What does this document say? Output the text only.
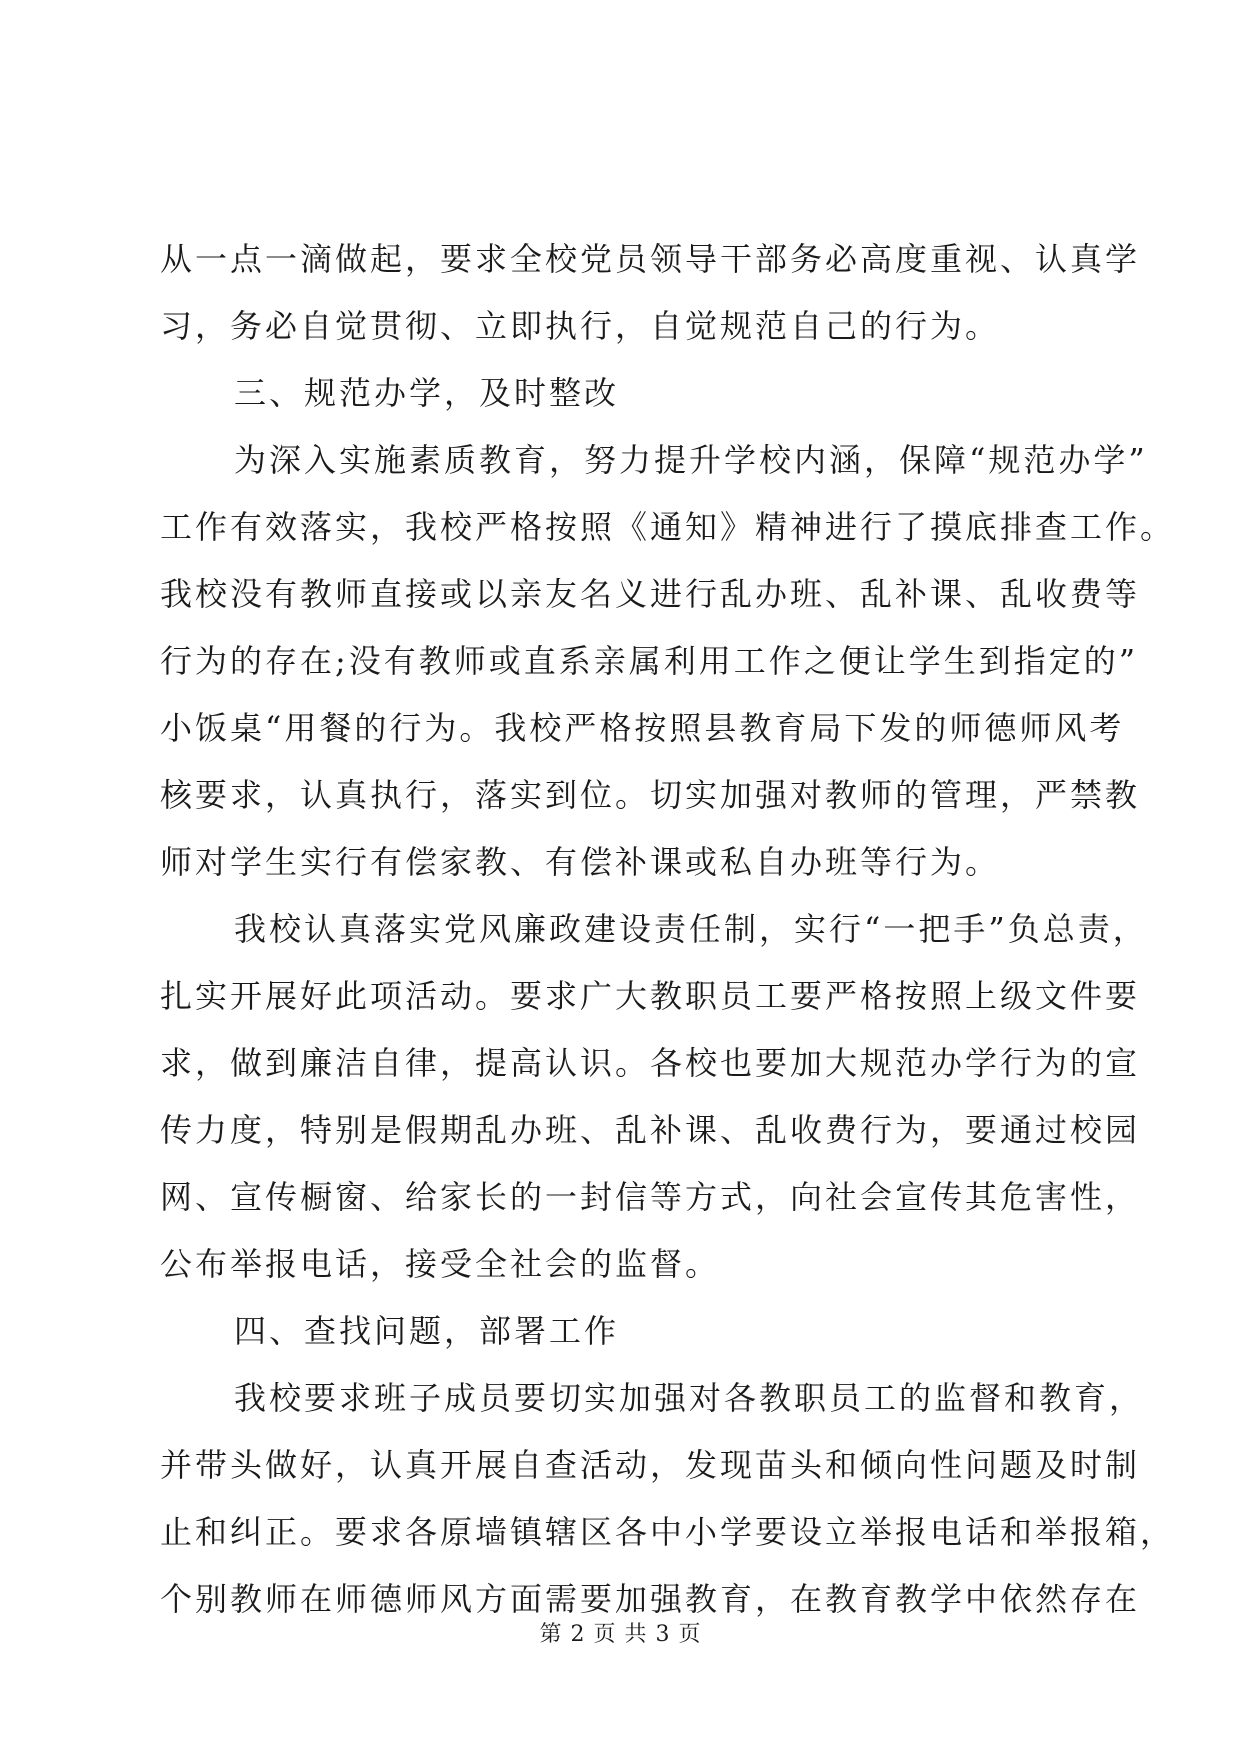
从一点一滴做起，要求全校党员领导干部务必高度重视、认真学
习，务必自觉贯彻、立即执行，自觉规范自己的行为。
三、规范办学，及时整改
为深入实施素质教育，努力提升学校内涵，保障“规范办学”
工作有效落实，我校严格按照《通知》精神进行了摸底排查工作。
我校没有教师直接或以亲友名义进行乱办班、乱补课、乱收费等
行为的存在;没有教师或直系亲属利用工作之便让学生到指定的”
小饭桌“用餐的行为。我校严格按照县教育局下发的师德师风考
核要求，认真执行，落实到位。切实加强对教师的管理，严禁教
师对学生实行有偿家教、有偿补课或私自办班等行为。
我校认真落实党风廉政建设责任制，实行“一把手”负总责，
扎实开展好此项活动。要求广大教职员工要严格按照上级文件要
求，做到廉洁自律，提高认识。各校也要加大规范办学行为的宣
传力度，特别是假期乱办班、乱补课、乱收费行为，要通过校园
网、宣传橱窗、给家长的一封信等方式，向社会宣传其危害性，
公布举报电话，接受全社会的监督。
四、查找问题，部署工作
我校要求班子成员要切实加强对各教职员工的监督和教育，
并带头做好，认真开展自查活动，发现苗头和倾向性问题及时制
止和纠正。要求各原墙镇辖区各中小学要设立举报电话和举报箱，
个别教师在师德师风方面需要加强教育，在教育教学中依然存在
第 2 页 共 3 页
